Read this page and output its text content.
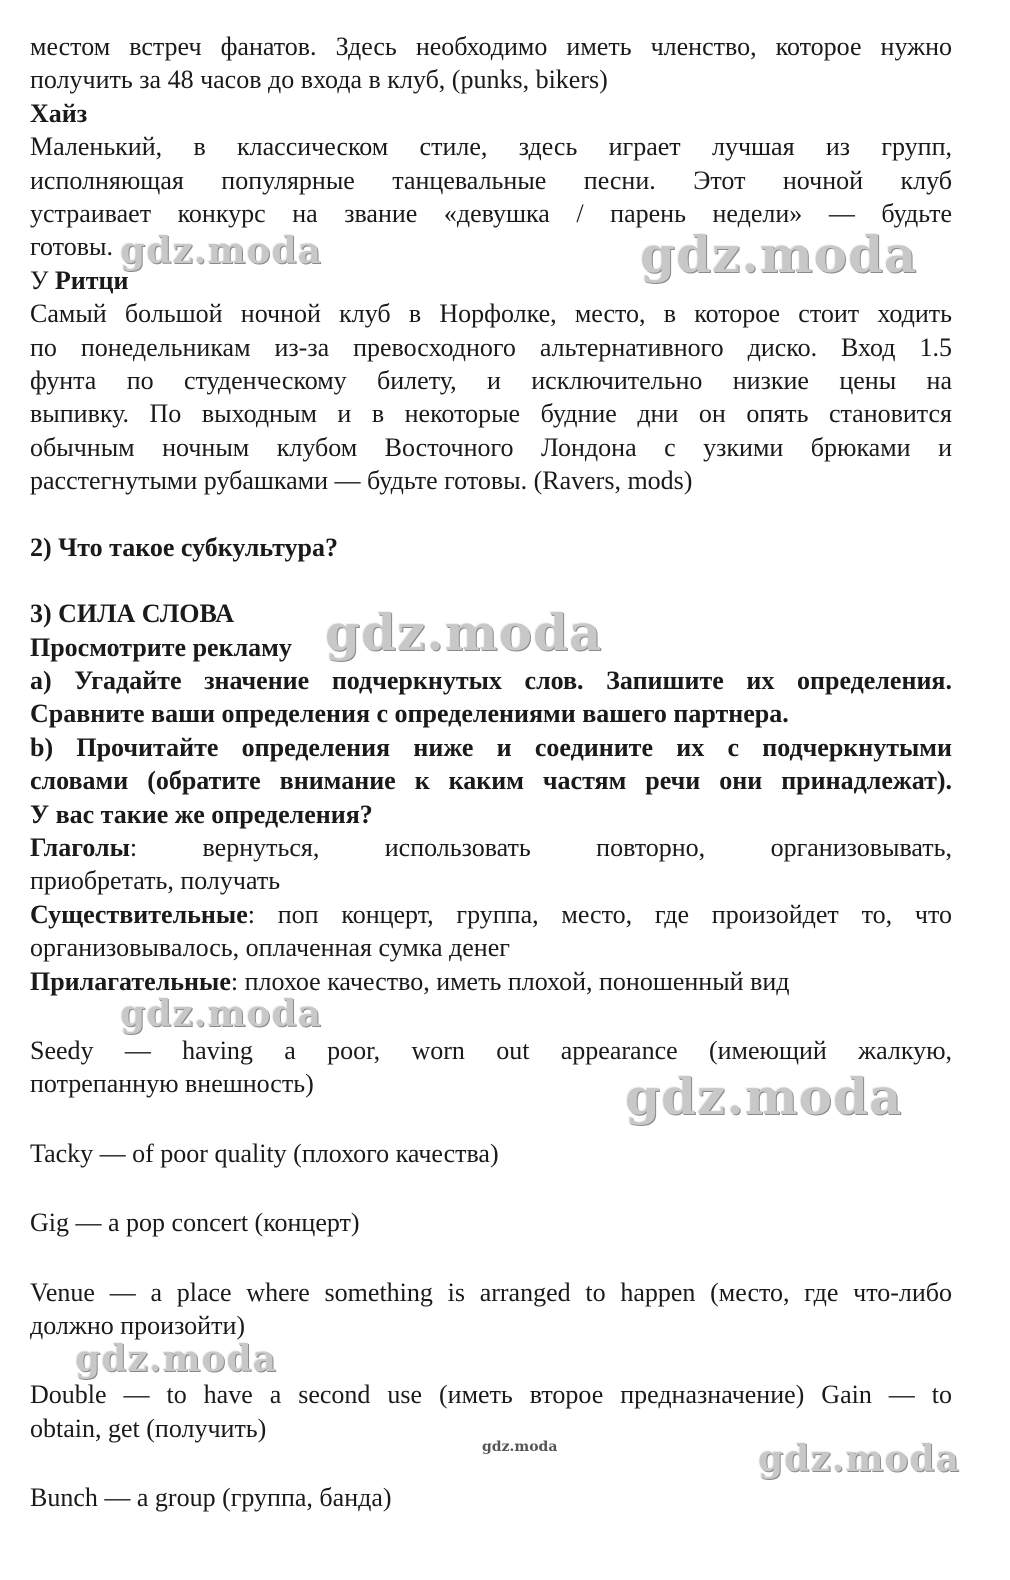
местом встреч фанатов. Здесь необходимо иметь членство, которое нужно

получить за 48 часов до входа в клуб, (punks, bikers)

Хайз

Маленький, в классическом стиле, здесь играет лучшая из групп,

исполняющая популярные танцевальные песни. Этот ночной клуб

устраивает конкурс на звание «девушка / парень недели» — будьте

готовы.

У Ритци

Самый большой ночной клуб в Норфолке, место, в которое стоит ходить

по понедельникам из-за превосходного альтернативного диско. Вход 1.5

фунта по студенческому билету, и исключительно низкие цены на

выпивку. По выходным и в некоторые будние дни он опять становится

обычным ночным клубом Восточного Лондона с узкими брюками и

расстегнутыми рубашками — будьте готовы. (Ravers, mods)

2) Что такое субкультура?

3) СИЛА СЛОВА

Просмотрите рекламу

a) Угадайте значение подчеркнутых слов. Запишите их определения.

Сравните ваши определения с определениями вашего партнера.

b) Прочитайте определения ниже и соедините их с подчеркнутыми

словами (обратите внимание к каким частям речи они принадлежат).

У вас такие же определения?

Глаголы: вернуться, использовать повторно, организовывать,

приобретать, получать

Существительные: поп концерт, группа, место, где произойдет то, что

организовывалось, оплаченная сумка денег

Прилагательные: плохое качество, иметь плохой, поношенный вид

Seedy — having a poor, worn out appearance (имеющий жалкую,

потрепанную внешность)

Tacky — of poor quality (плохого качества)

Gig — a pop concert (концерт)

Venue — a place where something is arranged to happen (место, где что-либо

должно произойти)

Double — to have a second use (иметь второе предназначение) Gain — to

obtain, get (получить)

Bunch — a group (группа, банда)

gdz.moda	gdz.moda
gdz.moda
gdz.moda
gdz.moda
gdz.moda
gdz.moda	gdz.moda
